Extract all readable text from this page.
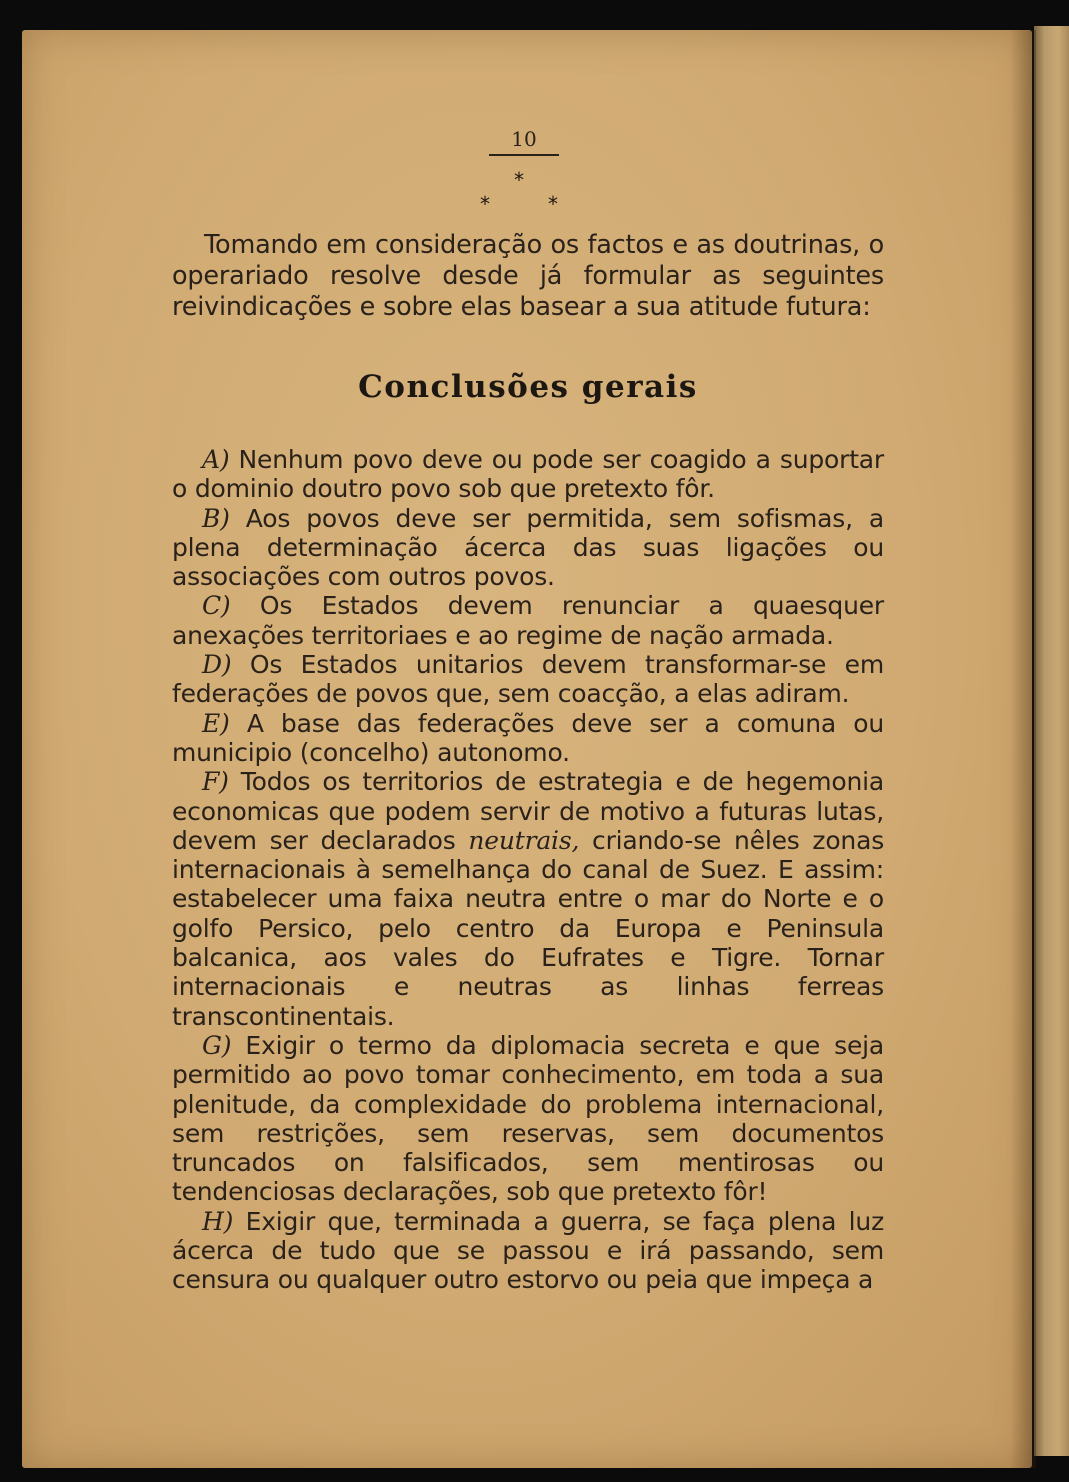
10

*
*	*

Tomando em consideração os factos e as doutrinas, o operariado resolve desde já formular as seguintes reivindicações e sobre elas basear a sua atitude futura:

Conclusões gerais

A) Nenhum povo deve ou pode ser coagido a suportar o dominio doutro povo sob que pretexto fôr.

B) Aos povos deve ser permitida, sem sofismas, a plena determinação ácerca das suas ligações ou associações com outros povos.

C) Os Estados devem renunciar a quaesquer anexações territoriaes e ao regime de nação armada.

D) Os Estados unitarios devem transformar-se em federações de povos que, sem coacção, a elas adiram.

E) A base das federações deve ser a comuna ou municipio (concelho) autonomo.

F) Todos os territorios de estrategia e de hegemonia economicas que podem servir de motivo a futuras lutas, devem ser declarados neutrais, criando-se nêles zonas internacionais à semelhança do canal de Suez. E assim: estabelecer uma faixa neutra entre o mar do Norte e o golfo Persico, pelo centro da Europa e Peninsula balcanica, aos vales do Eufrates e Tigre. Tornar internacionais e neutras as linhas ferreas transcontinentais.

G) Exigir o termo da diplomacia secreta e que seja permitido ao povo tomar conhecimento, em toda a sua plenitude, da complexidade do problema internacional, sem restrições, sem reservas, sem documentos truncados on falsificados, sem mentirosas ou tendenciosas declarações, sob que pretexto fôr!

H) Exigir que, terminada a guerra, se faça plena luz ácerca de tudo que se passou e irá passando, sem censura ou qualquer outro estorvo ou peia que impeça a
